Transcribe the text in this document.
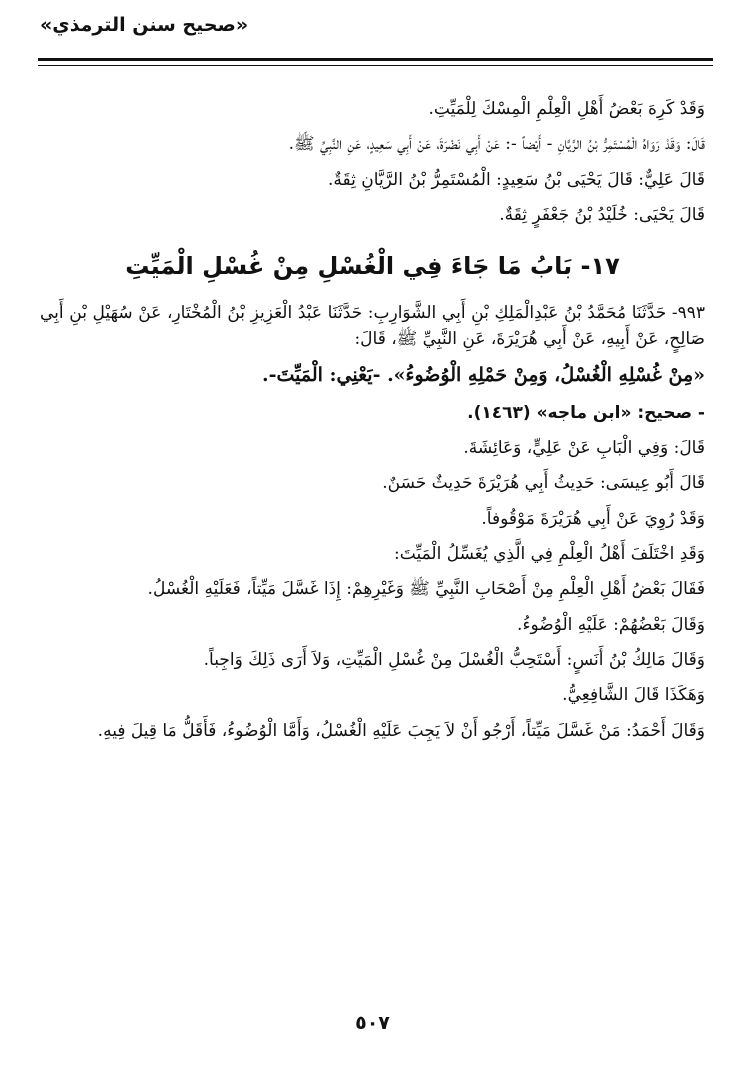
«صحيح سنن الترمذي»

وَقَدْ كَرِهَ بَعْضُ أَهْلِ الْعِلْمِ الْمِسْكَ لِلْمَيِّتِ.

قَالَ: وَقَدْ رَوَاهُ الْمُسْتَمِرُّ بْنُ الرَّيَّانِ - أَيْضاً -: عَنْ أَبِي نَضْرَةَ، عَنْ أَبِي سَعِيدٍ، عَنِ النَّبِيِّ ﷺ.

قَالَ عَلِيٌّ: قَالَ يَحْيَى بْنُ سَعِيدٍ: الْمُسْتَمِرُّ بْنُ الرَّيَّانِ ثِقَةٌ.

قَالَ يَحْيَى: خُلَيْدُ بْنُ جَعْفَرٍ ثِقَةٌ.

١٧- بَابُ مَا جَاءَ فِي الْغُسْلِ مِنْ غُسْلِ الْمَيِّتِ

٩٩٣- حَدَّثَنَا مُحَمَّدُ بْنُ عَبْدِالْمَلِكِ بْنِ أَبِي الشَّوَارِبِ: حَدَّثَنَا عَبْدُ الْعَزِيزِ بْنُ الْمُخْتَارِ، عَنْ سُهَيْلِ بْنِ أَبِي صَالِحٍ، عَنْ أَبِيهِ، عَنْ أَبِي هُرَيْرَةَ، عَنِ النَّبِيِّ ﷺ، قَالَ:

«مِنْ غُسْلِهِ الْغُسْلُ، وَمِنْ حَمْلِهِ الْوُضُوءُ». -يَعْنِي: الْمَيِّتَ-.

- صحيح: «ابن ماجه» (١٤٦٣).

قَالَ: وَفِي الْبَابِ عَنْ عَلِيٍّ، وَعَائِشَةَ.

قَالَ أَبُو عِيسَى: حَدِيثُ أَبِي هُرَيْرَةَ حَدِيثٌ حَسَنٌ.

وَقَدْ رُوِيَ عَنْ أَبِي هُرَيْرَةَ مَوْقُوفاً.

وَقَدِ اخْتَلَفَ أَهْلُ الْعِلْمِ فِي الَّذِي يُغَسِّلُ الْمَيِّتَ:

فَقَالَ بَعْضُ أَهْلِ الْعِلْمِ مِنْ أَصْحَابِ النَّبِيِّ ﷺ وَغَيْرِهِمْ: إِذَا غَسَّلَ مَيِّتاً، فَعَلَيْهِ الْغُسْلُ.

وَقَالَ بَعْضُهُمْ: عَلَيْهِ الْوُضُوءُ.

وَقَالَ مَالِكُ بْنُ أَنَسٍ: أَسْتَحِبُّ الْغُسْلَ مِنْ غُسْلِ الْمَيِّتِ، وَلاَ أَرَى ذَلِكَ وَاجِباً.

وَهَكَذَا قَالَ الشَّافِعِيُّ.

وَقَالَ أَحْمَدُ: مَنْ غَسَّلَ مَيِّتاً، أَرْجُو أَنْ لاَ يَجِبَ عَلَيْهِ الْغُسْلُ، وَأَمَّا الْوُضُوءُ، فَأَقَلُّ مَا قِيلَ فِيهِ.

٥٠٧
